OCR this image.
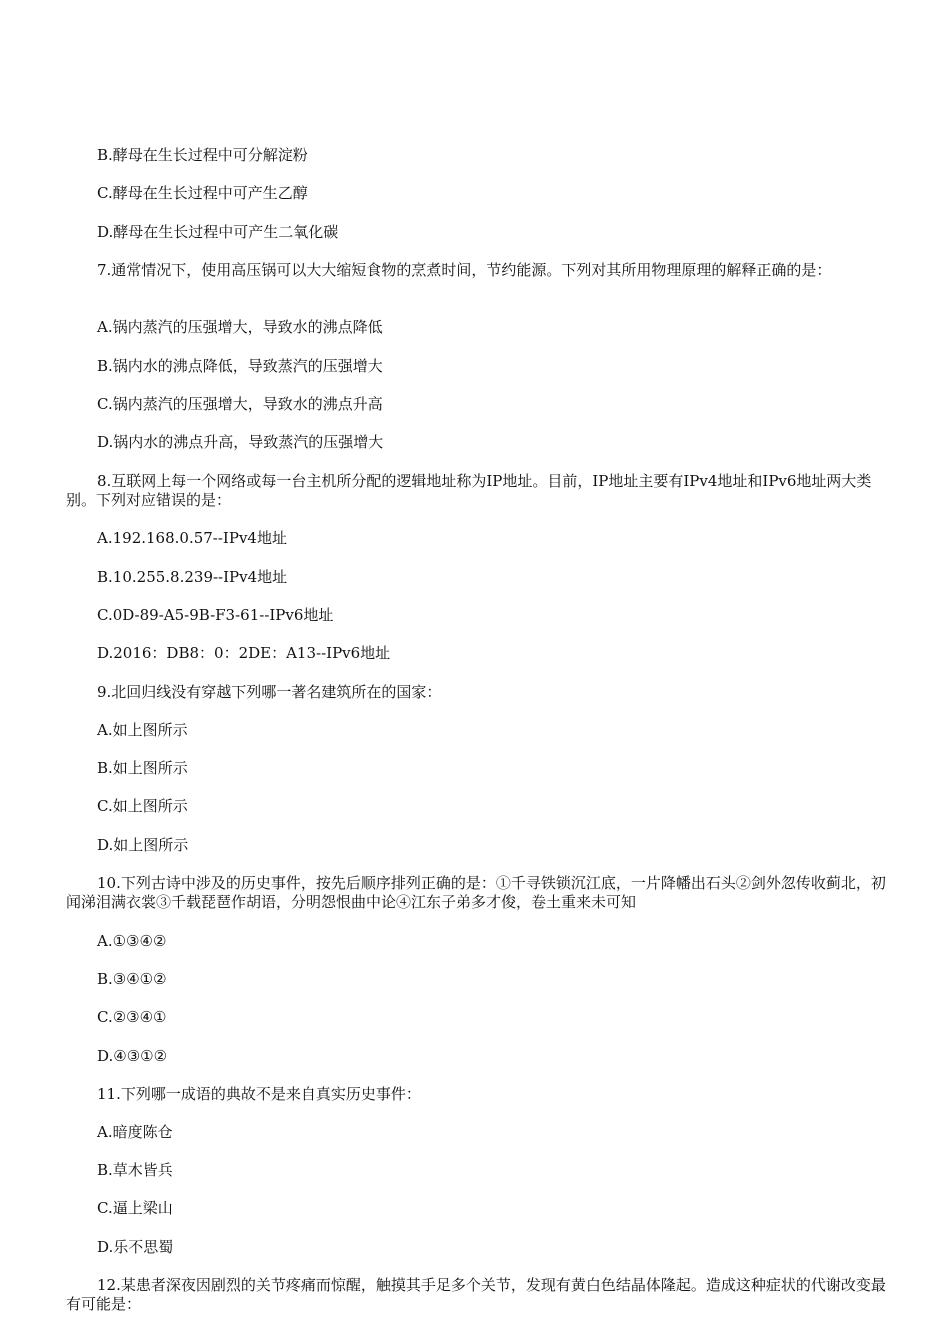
B.酵母在生长过程中可分解淀粉
C.酵母在生长过程中可产生乙醇
D.酵母在生长过程中可产生二氧化碳
7.通常情况下，使用高压锅可以大大缩短食物的烹煮时间，节约能源。下列对其所用物理原理的解释正确的是：
A.锅内蒸汽的压强增大，导致水的沸点降低
B.锅内水的沸点降低，导致蒸汽的压强增大
C.锅内蒸汽的压强增大，导致水的沸点升高
D.锅内水的沸点升高，导致蒸汽的压强增大
8.互联网上每一个网络或每一台主机所分配的逻辑地址称为IP地址。目前，IP地址主要有IPv4地址和IPv6地址两大类别。下列对应错误的是：
A.192.168.0.57--IPv4地址
B.10.255.8.239--IPv4地址
C.0D-89-A5-9B-F3-61--IPv6地址
D.2016：DB8：0：2DE：A13--IPv6地址
9.北回归线没有穿越下列哪一著名建筑所在的国家：
A.如上图所示
B.如上图所示
C.如上图所示
D.如上图所示
10.下列古诗中涉及的历史事件，按先后顺序排列正确的是：①千寻铁锁沉江底，一片降幡出石头②剑外忽传收蓟北，初闻涕泪满衣裳③千载琵琶作胡语，分明怨恨曲中论④江东子弟多才俊，卷土重来未可知
A.①③④②
B.③④①②
C.②③④①
D.④③①②
11.下列哪一成语的典故不是来自真实历史事件：
A.暗度陈仓
B.草木皆兵
C.逼上梁山
D.乐不思蜀
12.某患者深夜因剧烈的关节疼痛而惊醒，触摸其手足多个关节，发现有黄白色结晶体隆起。造成这种症状的代谢改变最有可能是：
